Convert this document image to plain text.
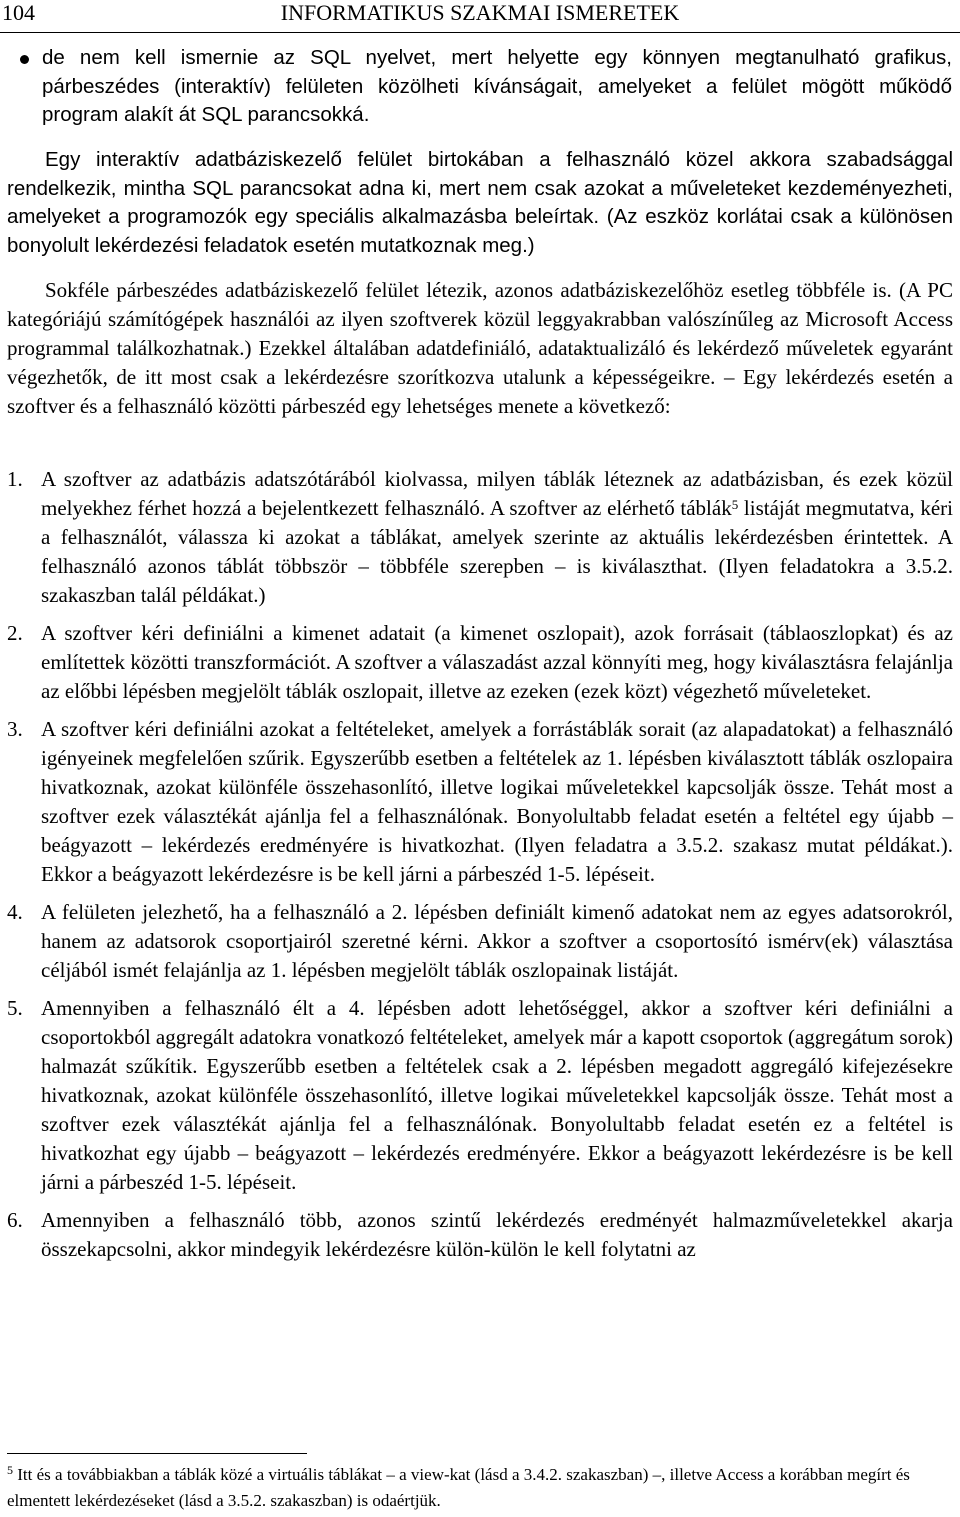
104	INFORMATIKUS SZAKMAI ISMERETEK
de nem kell ismernie az SQL nyelvet, mert helyette egy könnyen megtanulható grafikus, párbeszédes (interaktív) felületen közölheti kívánságait, amelyeket a felület mögött működő program alakít át SQL parancsokká.

Egy interaktív adatbáziskezelő felület birtokában a felhasználó közel akkora szabadsággal rendelkezik, mintha SQL parancsokat adna ki, mert nem csak azokat a műveleteket kezdeményezheti, amelyeket a programozók egy speciális alkalmazásba beleírtak. (Az eszköz korlátai csak a különösen bonyolult lekérdezési feladatok esetén mutatkoznak meg.)

Sokféle párbeszédes adatbáziskezelő felület létezik, azonos adatbáziskezelőhöz esetleg többféle is. (A PC kategóriájú számítógépek használói az ilyen szoftverek közül leggyakrabban valószínűleg az Microsoft Access programmal találkozhatnak.) Ezekkel általában adatdefiniáló, adataktualizáló és lekérdező műveletek egyaránt végezhetők, de itt most csak a lekérdezésre szorítkozva utalunk a képességeikre. – Egy lekérdezés esetén a szoftver és a felhasználó közötti párbeszéd egy lehetséges menete a következő:

1. A szoftver az adatbázis adatszótárából kiolvassa, milyen táblák léteznek az adatbázisban, és ezek közül melyekhez férhet hozzá a bejelentkezett felhasználó. A szoftver az elérhető táblák$^5$ listáját megmutatva, kéri a felhasználót, válassza ki azokat a táblákat, amelyek szerinte az aktuális lekérdezésben érintettek. A felhasználó azonos táblát többször – többféle szerepben – is kiválaszthat. (Ilyen feladatokra a 3.5.2. szakaszban talál példákat.)
2. A szoftver kéri definiálni a kimenet adatait (a kimenet oszlopait), azok forrásait (táblaoszlopkat) és az említettek közötti transzformációt. A szoftver a válaszadást azzal könnyíti meg, hogy kiválasztásra felajánlja az előbbi lépésben megjelölt táblák oszlopait, illetve az ezeken (ezek közt) végezhető műveleteket.
3. A szoftver kéri definiálni azokat a feltételeket, amelyek a forrástáblák sorait (az alapadatokat) a felhasználó igényeinek megfelelően szűrik. Egyszerűbb esetben a feltételek az 1. lépésben kiválasztott táblák oszlopaira hivatkoznak, azokat különféle összehasonlító, illetve logikai műveletekkel kapcsolják össze. Tehát most a szoftver ezek választékát ajánlja fel a felhasználónak. Bonyolultabb feladat esetén a feltétel egy újabb – beágyazott – lekérdezés eredményére is hivatkozhat. (Ilyen feladatra a 3.5.2. szakasz mutat példákat.). Ekkor a beágyazott lekérdezésre is be kell járni a párbeszéd 1-5. lépéseit.
4. A felületen jelezhető, ha a felhasználó a 2. lépésben definiált kimenő adatokat nem az egyes adatsorokról, hanem az adatsorok csoportjairól szeretné kérni. Akkor a szoftver a csoportosító ismérv(ek) választása céljából ismét felajánlja az 1. lépésben megjelölt táblák oszlopainak listáját.
5. Amennyiben a felhasználó élt a 4. lépésben adott lehetőséggel, akkor a szoftver kéri definiálni a csoportokból aggregált adatokra vonatkozó feltételeket, amelyek már a kapott csoportok (aggregátum sorok) halmazát szűkítik. Egyszerűbb esetben a feltételek csak a 2. lépésben megadott aggregáló kifejezésekre hivatkoznak, azokat különféle összehasonlító, illetve logikai műveletekkel kapcsolják össze. Tehát most a szoftver ezek választékát ajánlja fel a felhasználónak. Bonyolultabb feladat esetén ez a feltétel is hivatkozhat egy újabb – beágyazott – lekérdezés eredményére. Ekkor a beágyazott lekérdezésre is be kell járni a párbeszéd 1-5. lépéseit.
6. Amennyiben a felhasználó több, azonos szintű lekérdezés eredményét halmazműveletekkel akarja összekapcsolni, akkor mindegyik lekérdezésre külön-külön le kell folytatni az
$^5$ Itt és a továbbiakban a táblák közé a virtuális táblákat – a view-kat (lásd a 3.4.2. szakaszban) –, illetve Access a korábban megírt és elmentett lekérdezéseket (lásd a 3.5.2. szakaszban) is odaértjük.
